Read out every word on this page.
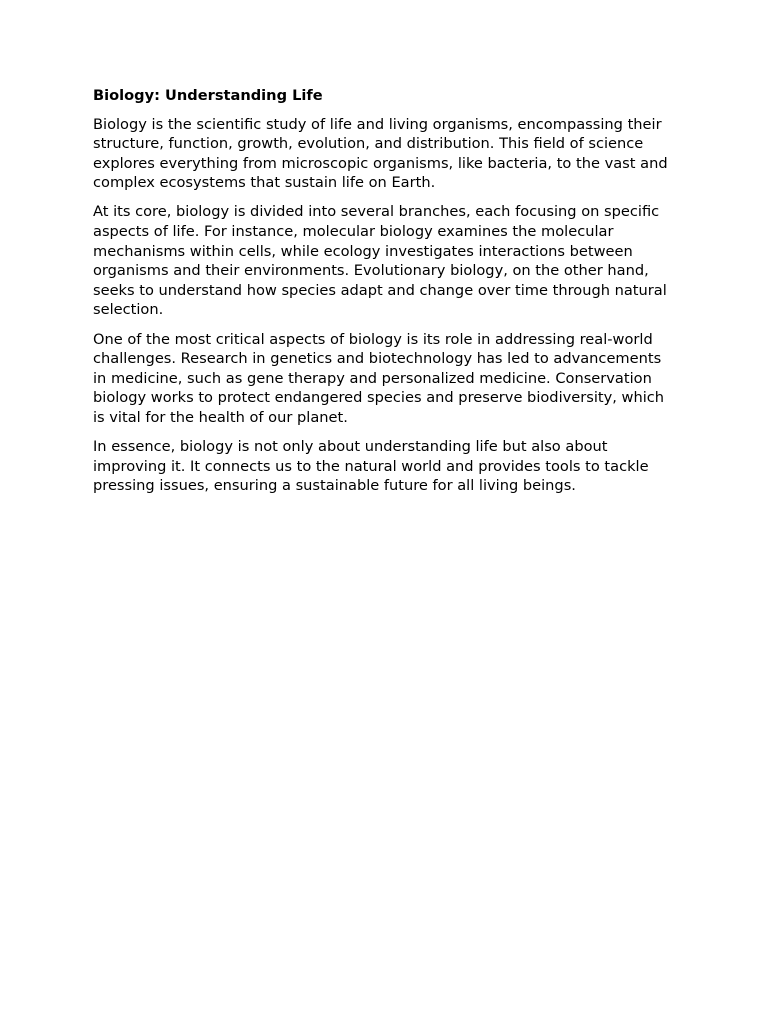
Biology: Understanding Life

Biology is the scientific study of life and living organisms, encompassing their structure, function, growth, evolution, and distribution. This field of science explores everything from microscopic organisms, like bacteria, to the vast and complex ecosystems that sustain life on Earth.

At its core, biology is divided into several branches, each focusing on specific aspects of life. For instance, molecular biology examines the molecular mechanisms within cells, while ecology investigates interactions between organisms and their environments. Evolutionary biology, on the other hand, seeks to understand how species adapt and change over time through natural selection.

One of the most critical aspects of biology is its role in addressing real-world challenges. Research in genetics and biotechnology has led to advancements in medicine, such as gene therapy and personalized medicine. Conservation biology works to protect endangered species and preserve biodiversity, which is vital for the health of our planet.

In essence, biology is not only about understanding life but also about improving it. It connects us to the natural world and provides tools to tackle pressing issues, ensuring a sustainable future for all living beings.
